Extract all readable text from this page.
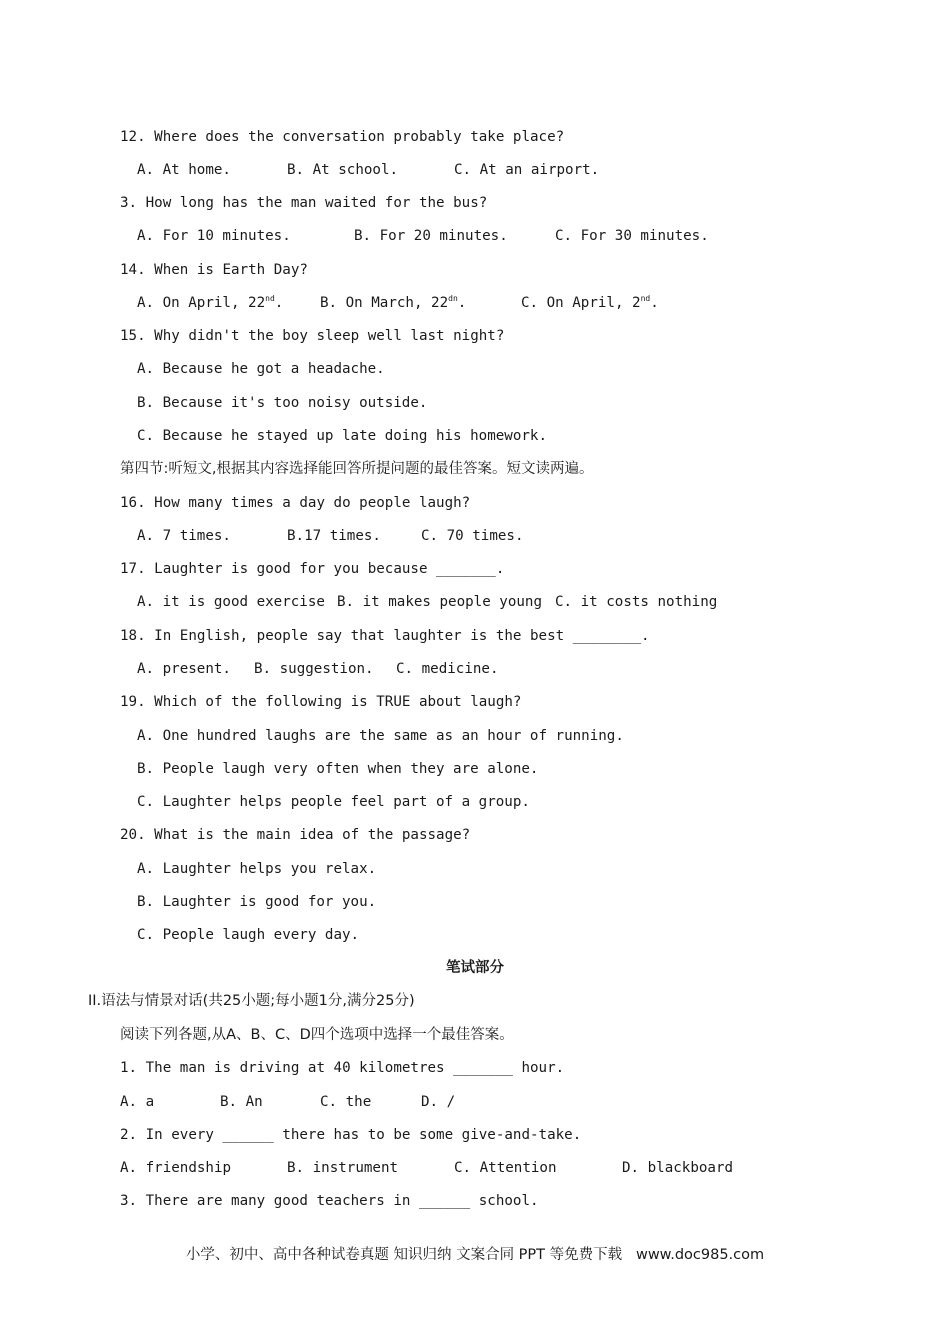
12. Where does the conversation probably take place?

A. At home.

	B. At school.

	C. At an airport.

3. How long has the man waited for the bus?

A. For 10 minutes.

	B. For 20 minutes.

	C. For 30 minutes.

14. When is Earth Day?

A. On April, 22nd.

	B. On March, $22^{dn}$.

	C. On April, 2nd.

15. Why didn't the boy sleep well last night?
A. Because he got a headache.
B. Because it's too noisy outside.
C. Because he stayed up late doing his homework.
第四节:听短文,根据其内容选择能回答所提问题的最佳答案。短文读两遍。
16. How many times a day do people laugh?

A. 7 times.

	B.17 times.

	C. 70 times.

17. Laughter is good for you because _______.

A. it is good exercise

B. it makes people young

C. it costs nothing

18. In English, people say that laughter is the best ________.

A. present.

B. suggestion.

C. medicine.

19. Which of the following is TRUE about laugh?
A. One hundred laughs are the same as an hour of running.
B. People laugh very often when they are alone.
C. Laughter helps people feel part of a group.
20. What is the main idea of the passage?
A. Laughter helps you relax.
B. Laughter is good for you.
C. People laugh every day.
笔试部分
II.语法与情景对话(共25小题;每小题1分,满分25分)
阅读下列各题,从A、B、C、D四个选项中选择一个最佳答案。
1. The man is driving at 40 kilometres _______ hour.

A. a

	B. An

	C. the

	D. /

2. In every ______ there has to be some give-and-take.

A. friendship

	B. instrument

	C. Attention

	D. blackboard

3. There are many good teachers in ______ school.
小学、初中、高中各种试卷真题 知识归纳 文案合同 PPT 等免费下载   www.doc985.com
